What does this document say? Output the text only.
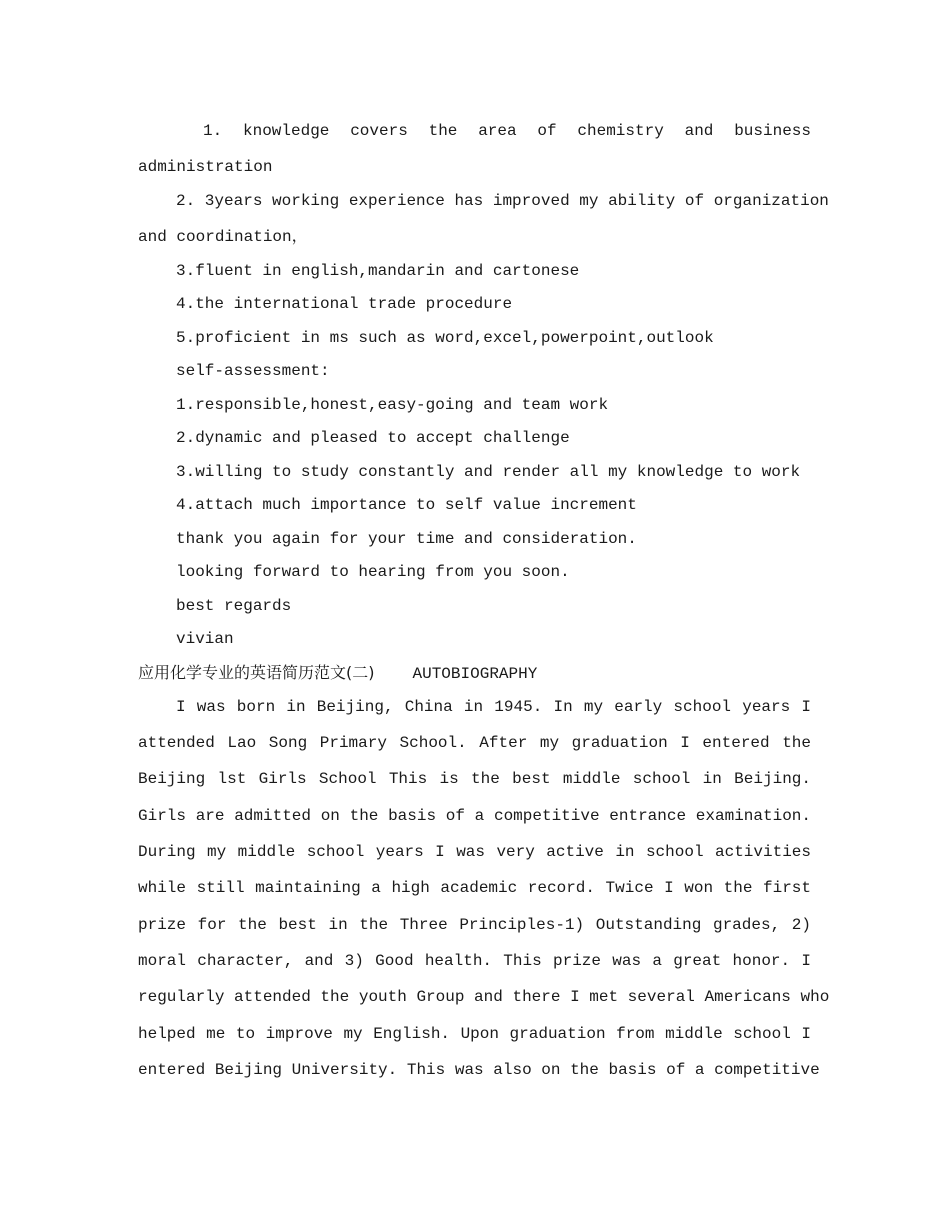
1. knowledge covers the area of chemistry and business
administration
2. 3years working experience has improved my ability of organization
and coordination，
3.fluent in english,mandarin and cartonese
4.the international trade procedure
5.proficient in ms such as word,excel,powerpoint,outlook
self-assessment:
1.responsible,honest,easy-going and team work
2.dynamic and pleased to accept challenge
3.willing to study constantly and render all my knowledge to work
4.attach much importance to self value increment
thank you again for your time and consideration.
looking forward to hearing from you soon.
best regards
vivian
应用化学专业的英语简历范文(二) AUTOBIOGRAPHY
I was born in Beijing, China in 1945. In my early school years I
attended Lao Song Primary School. After my graduation I entered the
Beijing lst Girls School This is the best middle school in Beijing.
Girls are admitted on the basis of a competitive entrance examination.
During my middle school years I was very active in school activities
while still maintaining a high academic record. Twice I won the first
prize for the best in the Three Principles-1) Outstanding grades, 2)
moral character, and 3) Good health. This prize was a great honor. I
regularly attended the youth Group and there I met several Americans who
helped me to improve my English. Upon graduation from middle school I
entered Beijing University. This was also on the basis of a competitive
